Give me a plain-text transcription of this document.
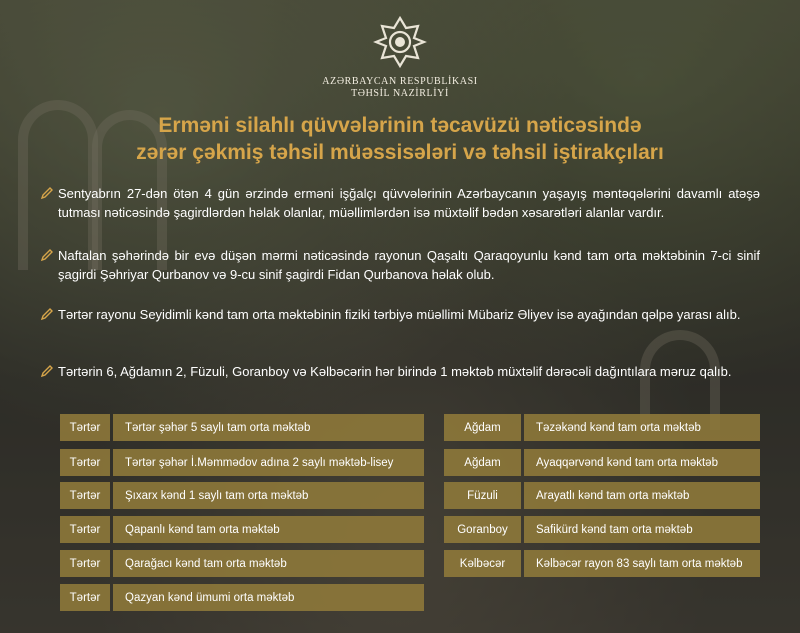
AZƏRBAYCAN RESPUBLİKASI
TƏHSİL NAZİRLİYİ
Erməni silahlı qüvvələrinin təcavüzü nəticəsində
zərər çəkmiş təhsil müəssisələri və təhsil iştirakçıları
Sentyabrın 27-dən ötən 4 gün ərzində erməni işğalçı qüvvələrinin Azərbaycanın yaşayış məntəqələrini davamlı atəşə tutması nəticəsində şagirdlərdən həlak olanlar, müəllimlərdən isə müxtəlif bədən xəsarətləri alanlar vardır.
Naftalan şəhərində bir evə düşən mərmi nəticəsində rayonun Qaşaltı Qaraqoyunlu kənd tam orta məktəbinin 7-ci sinif şagirdi Şəhriyar Qurbanov və 9-cu sinif şagirdi Fidan Qurbanova həlak olub.
Tərtər rayonu Seyidimli kənd tam orta məktəbinin fiziki tərbiyə müəllimi Mübariz Əliyev isə ayağından qəlpə yarası alıb.
Tərtərin 6, Ağdamın 2, Füzuli, Goranboy və Kəlbəcərin hər birində 1 məktəb müxtəlif dərəcəli dağıntılara məruz qalıb.
Tərtər	Tərtər şəhər 5 saylı tam orta məktəb
Tərtər	Tərtər şəhər İ.Məmmədov adına 2 saylı məktəb-lisey
Tərtər	Şıxarx kənd 1 saylı tam orta məktəb
Tərtər	Qapanlı kənd tam orta məktəb
Tərtər	Qarağacı kənd tam orta məktəb
Tərtər	Qazyan kənd ümumi orta məktəb
Ağdam	Təzəkənd kənd tam orta məktəb
Ağdam	Ayaqqərvənd kənd tam orta məktəb
Füzuli	Arayatlı kənd tam orta məktəb
Goranboy	Safikürd kənd tam orta məktəb
Kəlbəcər	Kəlbəcər rayon 83 saylı tam orta məktəb
